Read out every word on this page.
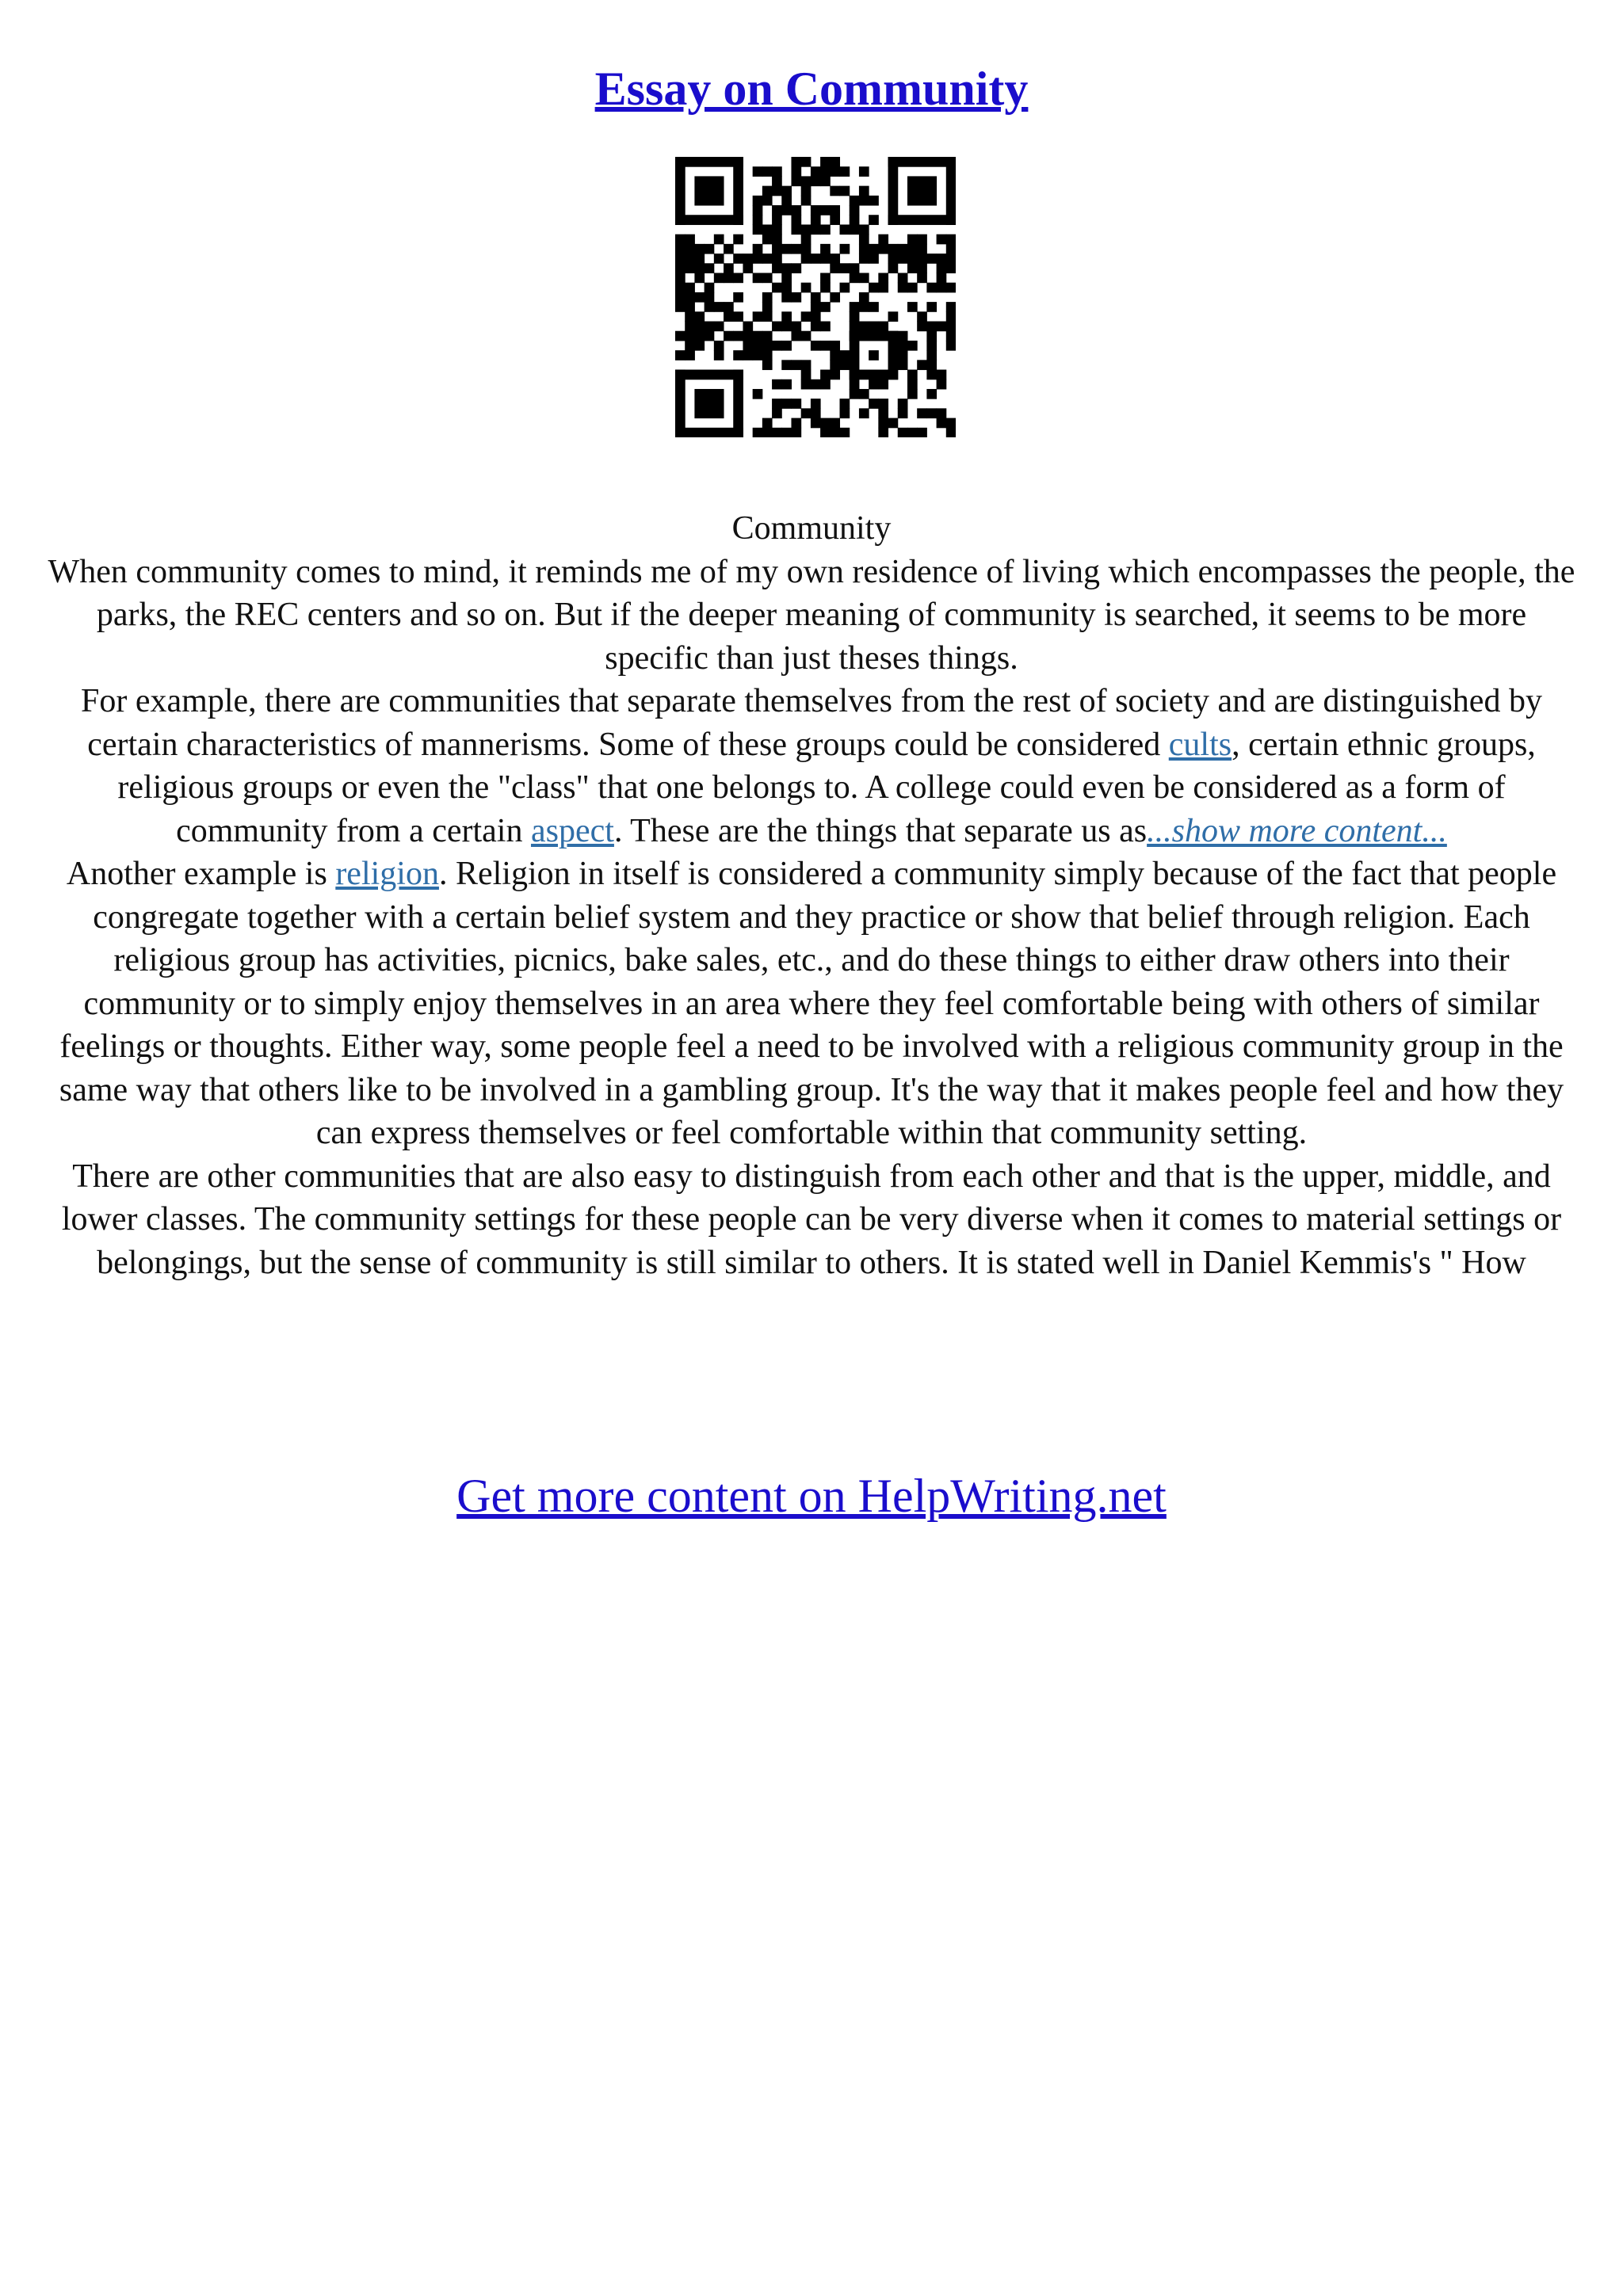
Essay on Community

Community

When community comes to mind, it reminds me of my own residence of living which encompasses the people, the parks, the REC centers and so on. But if the deeper meaning of community is searched, it seems to be more specific than just theses things.

For example, there are communities that separate themselves from the rest of society and are distinguished by certain characteristics of mannerisms. Some of these groups could be considered cults, certain ethnic groups, religious groups or even the "class" that one belongs to. A college could even be considered as a form of community from a certain aspect. These are the things that separate us as...show more content...

Another example is religion. Religion in itself is considered a community simply because of the fact that people congregate together with a certain belief system and they practice or show that belief through religion. Each religious group has activities, picnics, bake sales, etc., and do these things to either draw others into their community or to simply enjoy themselves in an area where they feel comfortable being with others of similar feelings or thoughts. Either way, some people feel a need to be involved with a religious community group in the same way that others like to be involved in a gambling group. It's the way that it makes people feel and how they can express themselves or feel comfortable within that community setting.

There are other communities that are also easy to distinguish from each other and that is the upper, middle, and lower classes. The community settings for these people can be very diverse when it comes to material settings or belongings, but the sense of community is still similar to others. It is stated well in Daniel Kemmis's " How

Get more content on HelpWriting.net
